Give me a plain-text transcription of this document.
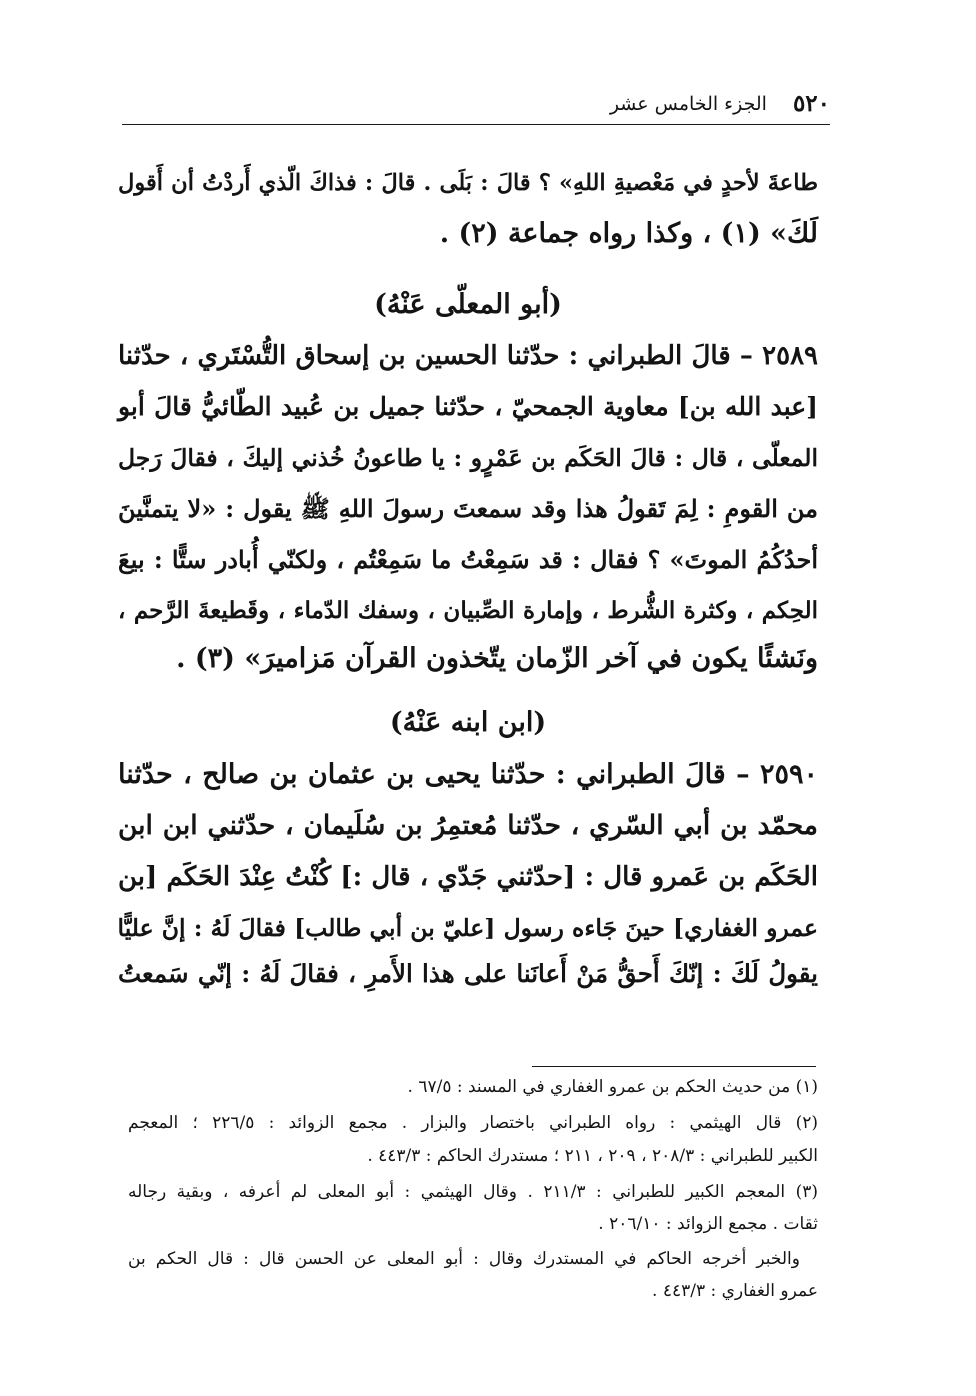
٥٢٠
الجزء الخامس عشر
طاعةَ لأحدٍ في مَعْصيةِ اللهِ» ؟ قالَ : بَلَى . قالَ : فذاكَ الّذي أَردْتُ أن أَقول
لَكَ» (١) ، وكذا رواه جماعة (٢) .
(أبو المعلّى عَنْهُ)
٢٥٨٩ – قالَ الطبراني : حدّثنا الحسين بن إسحاق التُّسْتَري ، حدّثنا
[عبد الله بن] معاوية الجمحيّ ، حدّثنا جميل بن عُبيد الطّائيُّ قالَ أبو
المعلّى ، قال : قالَ الحَكَم بن عَمْرٍو : يا طاعونُ خُذني إليكَ ، فقالَ رَجل
من القومِ : لِمَ تَقولُ هذا وقد سمعتَ رسولَ اللهِ ﷺ يقول : «لا يتمنَّينَ
أحدُكُمُ الموتَ» ؟ فقال : قد سَمِعْتُ ما سَمِعْتُم ، ولكنّي أُبادر ستًّا : بيعَ
الحِكم ، وكثرة الشُّرط ، وإمارة الصِّبيان ، وسفك الدّماء ، وقَطيعةَ الرَّحم ،
ونَشئًا يكون في آخر الزّمان يتّخذون القرآن مَزاميرَ» (٣) .
(ابن ابنه عَنْهُ)
٢٥٩٠ – قالَ الطبراني : حدّثنا يحيى بن عثمان بن صالح ، حدّثنا
محمّد بن أبي السّري ، حدّثنا مُعتمِرُ بن سُلَيمان ، حدّثني ابن ابن
الحَكَم بن عَمرو قال : [حدّثني جَدّي ، قال :] كُنْتُ عِنْدَ الحَكَم [بن
عمرو الغفاري] حينَ جَاءه رسول [عليّ بن أبي طالب] فقالَ لَهُ : إنَّ عليًّا
يقولُ لَكَ : إنّكَ أَحقُّ مَنْ أَعانَنا على هذا الأَمرِ ، فقالَ لَهُ : إنّي سَمعتُ
(١) من حديث الحكم بن عمرو الغفاري في المسند : ٦٧/٥ .
(٢) قال الهيثمي : رواه الطبراني باختصار والبزار . مجمع الزوائد : ٢٢٦/٥ ؛ المعجم
الكبير للطبراني : ٢٠٨/٣ ، ٢٠٩ ، ٢١١ ؛ مستدرك الحاكم : ٤٤٣/٣ .
(٣) المعجم الكبير للطبراني : ٢١١/٣ . وقال الهيثمي : أبو المعلى لم أعرفه ، وبقية رجاله
ثقات . مجمع الزوائد : ٢٠٦/١٠ .
والخبر أخرجه الحاكم في المستدرك وقال : أبو المعلى عن الحسن قال : قال الحكم بن
عمرو الغفاري : ٤٤٣/٣ .
